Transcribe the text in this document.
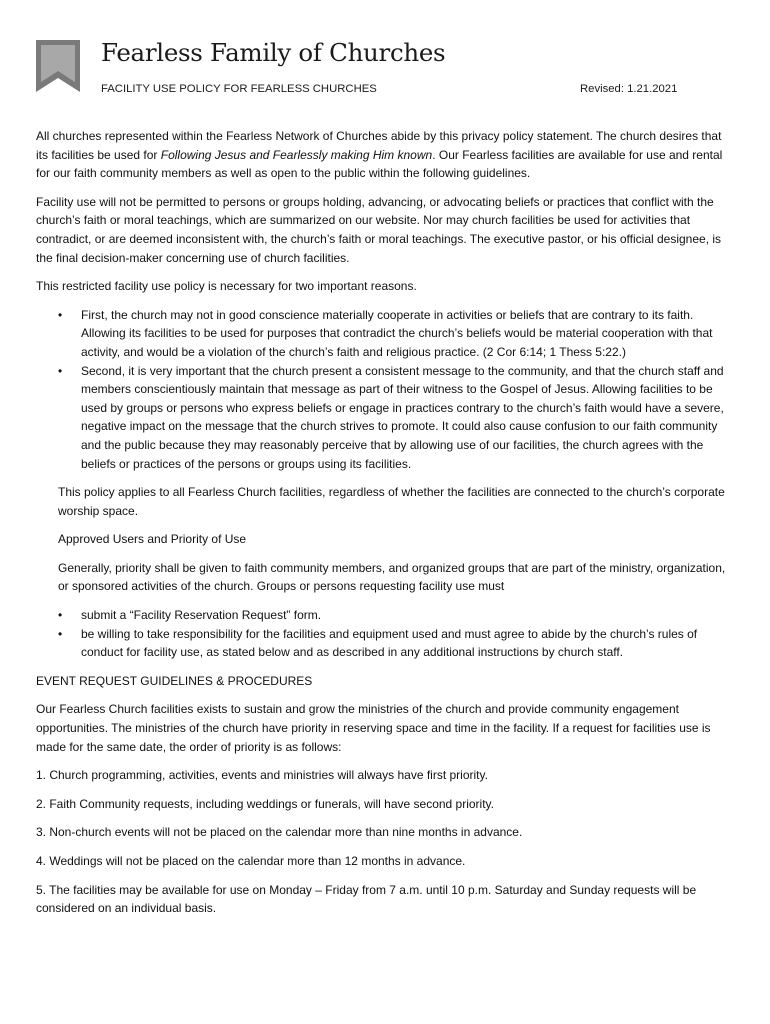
Fearless Family of Churches
FACILITY USE POLICY FOR FEARLESS CHURCHES	Revised: 1.21.2021

All churches represented within the Fearless Network of Churches abide by this privacy policy statement. The church desires that its facilities be used for Following Jesus and Fearlessly making Him known. Our Fearless facilities are available for use and rental for our faith community members as well as open to the public within the following guidelines.

Facility use will not be permitted to persons or groups holding, advancing, or advocating beliefs or practices that conflict with the church’s faith or moral teachings, which are summarized on our website. Nor may church facilities be used for activities that contradict, or are deemed inconsistent with, the church’s faith or moral teachings. The executive pastor, or his official designee, is the final decision-maker concerning use of church facilities.

This restricted facility use policy is necessary for two important reasons.

• First, the church may not in good conscience materially cooperate in activities or beliefs that are contrary to its faith. Allowing its facilities to be used for purposes that contradict the church’s beliefs would be material cooperation with that activity, and would be a violation of the church’s faith and religious practice. (2 Cor 6:14; 1 Thess 5:22.)
• Second, it is very important that the church present a consistent message to the community, and that the church staff and members conscientiously maintain that message as part of their witness to the Gospel of Jesus. Allowing facilities to be used by groups or persons who express beliefs or engage in practices contrary to the church’s faith would have a severe, negative impact on the message that the church strives to promote. It could also cause confusion to our faith community and the public because they may reasonably perceive that by allowing use of our facilities, the church agrees with the beliefs or practices of the persons or groups using its facilities.

This policy applies to all Fearless Church facilities, regardless of whether the facilities are connected to the church’s corporate worship space.

Approved Users and Priority of Use

Generally, priority shall be given to faith community members, and organized groups that are part of the ministry, organization, or sponsored activities of the church. Groups or persons requesting facility use must

• submit a “Facility Reservation Request” form.
• be willing to take responsibility for the facilities and equipment used and must agree to abide by the church’s rules of conduct for facility use, as stated below and as described in any additional instructions by church staff.

EVENT REQUEST GUIDELINES & PROCEDURES

Our Fearless Church facilities exists to sustain and grow the ministries of the church and provide community engagement opportunities. The ministries of the church have priority in reserving space and time in the facility. If a request for facilities use is made for the same date, the order of priority is as follows:

1. Church programming, activities, events and ministries will always have first priority.

2. Faith Community requests, including weddings or funerals, will have second priority.

3. Non-church events will not be placed on the calendar more than nine months in advance.

4. Weddings will not be placed on the calendar more than 12 months in advance.

5. The facilities may be available for use on Monday – Friday from 7 a.m. until 10 p.m. Saturday and Sunday requests will be considered on an individual basis.
